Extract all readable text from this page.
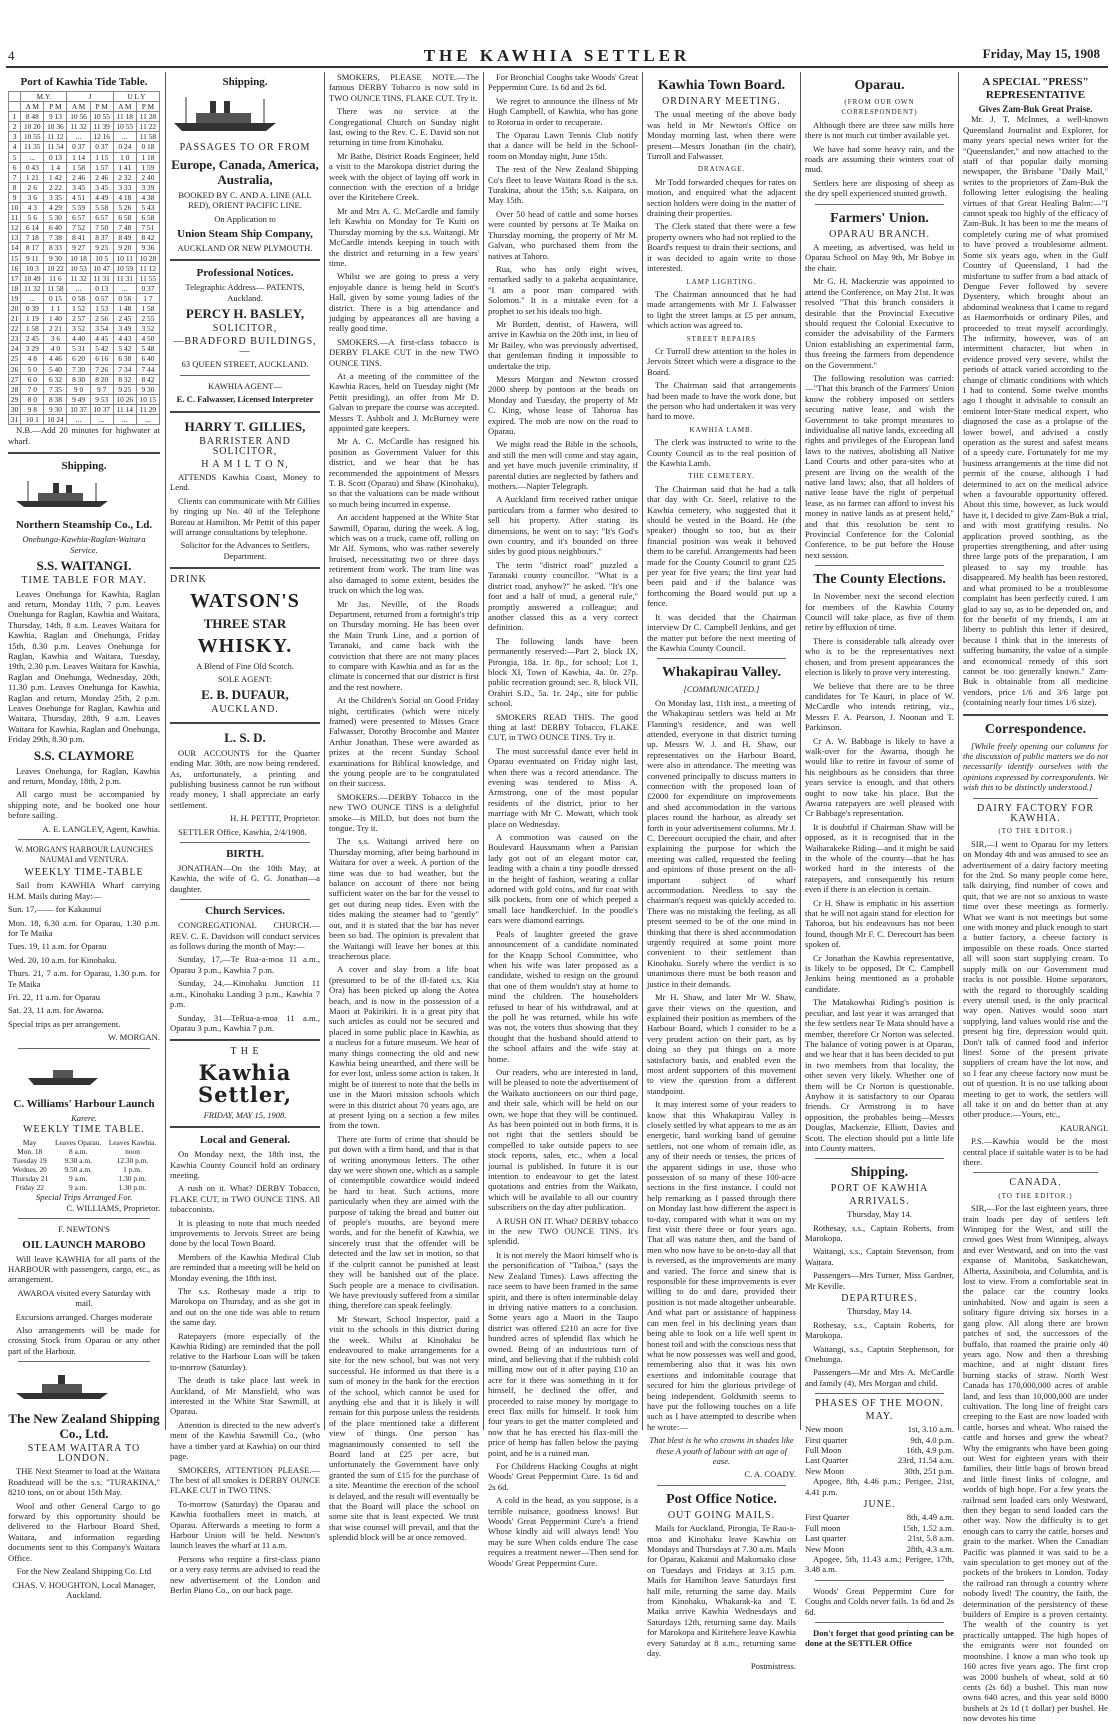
4	THE KAWHIA SETTLER	Friday, May 15, 1908
Port of Kawhia Tide Table.
	M.Y.		J		U L Y	
	A M	P M	A M	P M	A M	P M
1	8 48	9 13	10 56	10 55	11 18	11 28
2	10 20	10 36	11 32	11 39	10 55	11 22
3	10 55	11 12	...	12 16	...	11 58
4	11 35	11 54	0 37	0 37	0 24	0 18
5	...	0 13	1 14	1 15	1 0	1 18
6	0 43	1 4	1 58	1 57	1 41	1 59
7	1 21	1 42	2 46	2 46	2 32	2 40
8	2 6	2 22	3 45	3 45	3 33	3 39
9	3 6	3 35	4 51	4 49	4 18	4 38
10	4 3	4 29	5 59	5 58	5 26	5 43
11	5 6	5 30	6 57	6 57	6 58	6 58
12	6 14	6 40	7 52	7 50	7 48	7 51
13	7 18	7 38	8 41	8 37	8 49	8 42
14	8 17	8 33	9 27	9 25	9 20	9 36
15	9 11	9 30	10 18	10 5	10 11	10 28
16	10 3	10 22	10 53	10 47	10 59	11 12
17	10 49	11 6	11 32	11 31	11 31	11 55
18	11 32	11 58	...	0 13	...	0 37
19	...	0 15	0 58	0 57	0 56	1 7
20	0 39	1 1	1 52	1 53	1 48	1 58
21	1 19	1 40	2 57	2 56	2 45	2 55
22	1 58	2 21	3 52	3 54	3 49	3 52
23	2 45	3 6	4 40	4 45	4 43	4 50
24	3 29	4 0	5 31	5 42	5 42	5 48
25	4 8	4 46	6 20	6 16	6 38	6 40
26	5 0	5 40	7 30	7 26	7 34	7 44
27	6 0	6 32	8 30	8 20	8 32	8 42
28	7 0	7 35	9 0	9 7	9 25	9 30
29	8 0	8 38	9 49	9 53	10 26	10 15
30	9 8	9 30	10 37	10 37	11 14	11 29
31	10 1	10 24	...	...	...	...

N.B.—Add 20 minutes for highwater at wharf.

Shipping.
Northern Steamship Co., Ld.
Onehunga-Kawhia-Raglan-Waitara Service.
S.S. WAITANGI.
TIME TABLE FOR MAY.

Leaves Onehunga for Kawhia, Raglan and return, Monday 11th, 7 p.m. Leaves Onehunga for Raglan, Kawhia and Waitara, Thursday, 14th, 8 a.m. Leaves Waitara for Kawhia, Raglan and Onehunga, Friday 15th, 8.30 p.m. Leaves Onehunga for Raglan, Kawhia and Waitara, Tuesday, 19th, 2.30 p.m. Leaves Waitara for Kawhia, Raglan and Onehunga, Wednesday, 20th, 11.30 p.m. Leaves Onehunga for Kawhia, Raglan and return, Monday 25th, 2 p.m. Leaves Onehunga for Raglan, Kawhia and Waitara, Thursday, 28th, 9 a.m. Leaves Waitara for Kawhia, Raglan and Onehunga, Friday 29th, 8.30 p.m.

S.S. CLAYMORE

Leaves Onehunga, for Raglan, Kawhia and return, Monday, 18th, 2 p.m.

All cargo must be accompanied by shipping note, and be booked one hour before sailing.

A. E. LANGLEY, Agent, Kawhia.

W. MORGAN'S HARBOUR LAUNCHES NAUMAI and VENTURA.
WEEKLY TIME-TABLE

Sail from KAWHIA Wharf carrying H.M. Mails during May:—

Sun. 17,—— for Kakaunui

Mon. 18, 6.30 a.m. for Oparau, 1.30 p.m. for Te Maika

Tues. 19, 11 a.m. for Oparau

Wed. 20, 10 a.m. for Kinohaku.

Thurs. 21, 7 a.m. for Oparau, 1.30 p.m. for Te Maika

Fri. 22, 11 a.m. for Oparau

Sat. 23, 11 a.m. for Awaroa.

Special trips as per arrangement.

W. MORGAN.

C. Williams' Harbour Launch
Karere.
WEEKLY TIME TABLE.
May	Leaves Oparau.	Leaves Kawhia.
Mon. 18	8 a.m.	noon
Tuesday 19	9.30 a.m.	12.30 p.m.
Wednes. 20	9.50 a.m.	1 p.m.
Thursday 21	9 a.m.	1.30 p.m.
Friday 22	9 a.m.	1.30 p.m.
Special Trips Arranged For.

C. WILLIAMS, Proprietor.

F. NEWTON'S
OIL LAUNCH MAROBO

Will leave KAWHIA for all parts of the HARBOUR with passengers, cargo, etc., as arrangement.

AWAROA visited every Saturday with mail.

Excursions arranged. Charges moderate

Also arrangements will be made for crossing Stock from Oparau or any other part of the Harbour.

The New Zealand Shipping Co., Ltd.
STEAM WAITARA TO LONDON.

THE Next Steamer to load at the Waitara Roadstead will be the s.s. "TURAKINA," 8210 tons, on or about 15th May.

Wool and other General Cargo to go forward by this opportunity should be delivered to the Harbour Board Shed, Waitara, and information regarding documents sent to this Company's Waitara Office.

For the New Zealand Shipping Co. Ltd

CHAS. V. HOUGHTON, Local Manager, Auckland.

Shipping.
PASSAGES TO OR FROM
Europe, Canada, America, Australia,

BOOKED BY C. AND A. LINE (ALL RED), ORIENT PACIFIC LINE.

On Application to

Union Steam Ship Company,

AUCKLAND OR NEW PLYMOUTH.

Professional Notices.

Telegraphic Address— PATENTS, Auckland.

PERCY H. BASLEY,
SOLICITOR,
—BRADFORD BUILDINGS,—

63 QUEEN STREET, AUCKLAND.

KAWHIA AGENT—

E. C. Falwasser, Licensed Interpreter

HARRY T. GILLIES,
BARRISTER AND SOLICITOR,
H A M I L T O N,

ATTENDS Kawhia Coast, Money to Lend.

Clients can communicate with Mr Gillies by ringing up No. 40 of the Telephone Bureau at Hamilton. Mr Pettit of this paper will arrange consultations by telephone.

Solicitor for the Advances to Settlers, Department.

DRINK
WATSON'S
THREE STAR
WHISKY.

A Blend of Fine Old Scotch.

SOLE AGENT:

E. B. DUFAUR,
AUCKLAND.
L. S. D.

OUR ACCOUNTS for the Quarter ending Mar. 30th, are now being rendered. As, unfortunately, a printing and publishing business cannot be run without ready money, I shall appreciate an early settlement.

H. H. PETTIT, Proprietor.

SETTLER Office, Kawhia, 2/4/1908.

BIRTH.

JONATHAN—On the 10th May, at Kawhia, the wife of G. G. Jonathan—a daughter.

Church Services.

CONGREGATIONAL CHURCH.—REV. C. E. Davidson will conduct services as follows during the month of May:—

Sunday, 17,—Te Rua-a-moa 11 a.m., Oparau 3 p.m., Kawhia 7 p.m.

Sunday, 24,—Kinohaku Junction 11 a.m., Kinohaku Landing 3 p.m., Kawhia 7 p.m.

Sunday, 31—TeRua-a-moa 11 a.m., Oparau 3 p.m., Kawhia 7 p.m.

T H E
Kawhia Settler,
FRIDAY, MAY 15, 1908.
Local and General.

On Monday next, the 18th inst, the Kawhia County Council hold an ordinary meeting.

A rush on it. What? DERBY Tobacco, FLAKE CUT, in TWO OUNCE TINS. All tobacconists.

It is pleasing to note that much needed improvements to Jervois Street are being done by the local Town Board.

Members of the Kawhia Medical Club are reminded that a meeting will be held on Monday evening, the 18th inst.

The s.s. Rothesay made a trip to Marokopa on Thursday, and as she got in and out on the one tide was able to return the same day.

Ratepayers (more especially of the Kawhia Riding) are reminded that the poll relative to the Harbour Loan will be taken to-morrow (Saturday).

The death is take place last week in Auckland, of Mr Mansfield, who was interested in the White Star Sawmill, at Oparau.

Attention is directed to the new advert's ment of the Kawhia Sawmill Co., (who have a timber yard at Kawhia) on our third page.

SMOKERS, ATTENTION PLEASE.—The best of all smokes is DERBY OUNCE FLAKE CUT in TWO TINS.

To-morrow (Saturday) the Oparau and Kawhia footballers meet in match, at Oparau. Afterwards a meeting to form a Harbour Union will be held. Newton's launch leaves the wharf at 11 a.m.

Persons who require a first-class piano or a very easy terms are advised to read the new advertisement of the London and Berlin Piano Co., on our back page.

SMOKERS, PLEASE NOTE.—The famous DERBY Tobacco is now sold in TWO OUNCE TINS, FLAKE CUT. Try it.

There was no service at the Congregational Church on Sunday night last, owing to the Rev. C. E. David son not returning in time from Kinohaku.

Mr Bathe, District Roads Engineer, held a visit to the Marokopa district during the week with the object of laying off work in connection with the erection of a bridge over the Kiritehere Creek.

Mr and Mrs A. C. McCardle and family left Kawhia on Monday for Te Kuiti on Thursday morning by the s.s. Waitangi. Mr McCardle intends keeping in touch with the district and returning in a few years' time.

Whilst we are going to press a very enjoyable dance is being held in Scott's Hall, given by some young ladies of the district. There is a big attendance and judging by appearances all are having a really good time.

SMOKERS.—A first-class tobacco is DERBY FLAKE CUT in the new TWO OUNCE TINS.

At a meeting of the committee of the Kawhia Races, held on Tuesday night (Mr Pettit presiding), an offer from Mr D. Galvan to prepare the course was accepted. Messrs T. Ashbolt and J. McBurney were appointed gate keepers.

Mr A. C. McCardle has resigned his position as Government Valuer for this district, and we hear that he has recommended the appointment of Messrs T. B. Scott (Oparau) and Shaw (Kinohaku), so that the valuations can be made without so much being incurred in expense.

An accident happened at the White Star Sawmill, Oparau, during the week. A log, which was on a truck, came off, rolling on Mr Alf. Symons, who was rather severely bruised, necessitating two or three days retirement from work. The tram line was also damaged to some extent, besides the truck on which the log was.

Mr Jas. Neville, of the Roads Department, returned from a fortnight's trip on Thursday morning. He has been over the Main Trunk Line, and a portion of Taranaki, and came back with the conviction that there are not many places to compare with Kawhia and as far as the climate is concerned that our district is first and the rest nowhere.

At the Children's Social on Good Friday night, certificates (which were nicely framed) were presented to Misses Grace Falwasser, Dorothy Brocombe and Master Arthur Jonathan. These were awarded as prizes at the recent Sunday School examinations for Biblical knowledge, and the young people are to be congratulated on their success.

SMOKERS.—DERBY Tobacco in the new TWO OUNCE TINS is a delightful smoke—is MILD, but does not burn the tongue. Try it.

The s.s. Waitangi arrived here on Thursday morning, after being barbound in Waitara for over a week. A portion of the time was due to bad weather, but the balance on account of there not being sufficient water on the bar for the vessel to get out during neap tides. Even with the tides making the steamer had to "gently" out, and it is stated that the bar has never been so bad. The opinion is prevalent that the Waitangi will leave her bones at this treacherous place.

A cover and slay from a life boat (presumed to be of the ill-fated s.s. Kia Ora) has been picked up along the Aotea beach, and is now in the possession of a Maori at Pakirikiri. It is a great pity that such articles as could not be secured and placed in some public place in Kawhia, as a nucleus for a future museum. We hear of many things connecting the old and new Kawhia being unearthed, and there will be for ever lost, unless some action is taken. It might be of interest to note that the bells in use in the Maori mission schools which were in this district about 70 years ago, are at present lying on a section a few miles from the town.

There are form of crime that should be put down with a firm hand, and that is that of writing anonymous letters. The other day we were shown one, which as a sample of contemptible cowardice would indeed be hard to beat. Such actions, more particularly when they are aimed with the purpose of taking the bread and butter out of people's mouths, are beyond mere words, and for the benefit of Kawhia, we sincerely trust that the offender will be detected and the law set in motion, so that if the culprit cannot be punished at least they will be banished out of the place. Such people are a menace to civilisation. We have previously suffered from a similar thing, therefore can speak feelingly.

Mr Stewart, School Inspector, paid a visit to the schools in this district during the week. Whilst at Kinohaku he endeavoured to make arrangements for a site for the new school, but was not very successful. He informed us that there is a sum of money in the bank for the erection of the school, which cannot be used for anything else and that it is likely it will remain for this purpose unless the residents of the place mentioned take a different view of things. One person has magnanimously consented to sell the Board land at £25 per acre, but unfortunately the Government have only granted the sum of £15 for the purchase of a site. Meantime the erection of the school is delayed, and the result will eventually be that the Board will place the school on some site that is least expected. We trust that wise counsel will prevail, and that the splendid block will be at once removed.

For Bronchial Coughs take Woods' Great Peppermint Cure. 1s 6d and 2s 6d.

We regret to announce the illness of Mr Hugh Campbell, of Kawhia, who has gone to Rotorua in order to recuperate.

The Oparau Lawn Tennis Club notify that a dance will be held in the School-room on Monday night, June 15th.

The rest of the New Zealand Shipping Co's fleet to leave Waitara Road is the s.s. Turakina, about the 15th; s.s. Kaipara, on May 15th.

Over 50 head of cattle and some horses were counted by persons at Te Maika on Thursday morning, the property of Mr M. Galvan, who purchased them from the natives at Tahoro.

Rua, who has only eight wives, remarked sadly to a pakeha acquaintance, "I am a poor man compared with Solomon." It is a mistake even for a prophet to set his ideals too high.

Mr Burdett, dentist, of Hawera, will arrive in Kawhia on the 20th inst, in lieu of Mr Bailey, who was previously advertised, that gentleman finding it impossible to undertake the trip.

Messrs Morgan and Newton crossed 2000 sheep by pontoon at the beads on Monday and Tuesday, the property of Mr C. King, whose lease of Tahoroa has expired. The mob are now on the road to Oparau.

We might read the Bible in the schools, and still the men will come and stay again, and yet have much juvenile criminality, if parental duties are neglected by fathers and mothers.—Napier Telegraph.

A Auckland firm received rather unique particulars from a farmer who desired to sell his property. After stating its dimensions, he went on to say: "It's God's own country, and it's bounded on three sides by good pious neighbours."

The term "district road" puzzled a Taranaki county councillor. "What is a district road, anyhow?" he asked. "It's one foot and a half of mud, a general rule," promptly answered a colleague; and another classed this as a very correct definition.

The following lands have been permanently reserved:—Part 2, block IX, Pirongia, 18a. 1r. 8p., for school; Lot 1, block XI, Town of Kawhia, 4a. 0r. 27p. public recreation ground; sec. 8, block VII, Orahiri S.D., 5a. 1r. 24p., site for public school.

SMOKERS READ THIS. The good thing at last! DERBY Tobacco, FLAKE CUT, in TWO OUNCE TINS. Try it.

The most successful dance ever held in Oparau eventuated on Friday night last, when there was a record attendance. The evening was tendered to Miss A. Armstrong, one of the most popular residents of the district, prior to her marriage with Mr C. Mowatt, which took place on Wednesday.

A commotion was caused on the Boulevard Haussmann when a Parisian lady got out of an elegant motor car, leading with a chain a tiny poodle dressed in the height of fashion, wearing a collar adorned with gold coins, and fur coat with silk pockets, from one of which peeped a small lace handkerchief. In the poodle's ears were diamond earrings.

Peals of laughter greeted the grave announcement of a candidate nominated for the Knapp School Committee, who when his wife was later proposed as a candidate, wished to resign on the ground that one of them wouldn't stay at home to mind the children. The householders refused to hear of his withdrawal, and at the poll he was returned, while his wife was not, the voters thus showing that they thought that the husband should attend to the school affairs and the wife stay at home.

Our readers, who are interested in land, will be pleased to note the advertisement of the Waikato auctioneers on our third page, and their sale, which will be held on our own, we hope that they will be continued. As has been pointed out in both firms, it is not right that the settlers should be compelled to take outside papers to see stock reports, sales, etc., when a local journal is published. In future it is our intention to endeavour to get the latest quotations and entries from the Waikato, which will be available to all our country subscribers on the day after publication.

A RUSH ON IT. What? DERBY tobacco in the new TWO OUNCE TINS. It's splendid.

It is not merely the Maori himself who is the personification of "Taihoa," (says the New Zealand Times). Laws affecting the race seem to have been framed in the same spirit, and there is often interminable delay in driving native matters to a conclusion. Some years ago a Maori in the Taupo district was offered £210 an acre for five hundred acres of splendid flax which he owned. Being of an industrious turn of mind, and believing that if the rubbish cold milling mow out of it after paying £10 an acre for it there was something in it for himself, he declined the offer, and proceeded to raise money by mortgage to erect flax mills for himself. It took him four years to get the matter completed and now that he has erected his flax-mill the price of hemp has fallen below the paying point, and he is a ruined man.

For Childrens Hacking Coughs at night Woods' Great Peppermint Cure. 1s 6d and 2s 6d.

A cold in the head, as you suppose, is a terrible nuisance, goodness knows! But Woods' Great Peppermint Cure's a friend Whose kindly aid will always lend! You may be sure When colds endure The case requires a treatment newer—Then send for Woods' Great Peppermint Cure.

Kawhia Town Board.
ORDINARY MEETING.

The usual meeting of the above body was held in Mr Newton's Office on Monday morning last, when there were present—Messrs Jonathan (in the chair), Turroll and Falwasser.

DRAINAGE.

Mr Todd forwarded cheques for rates on motion, and enquired what the adjacent section holders were doing in the matter of draining their properties.

The Clerk stated that there were a few property owners who had not replied to the Board's request to drain their sections, and it was decided to again write to those interested.

LAMP LIGHTING.

The Chairman announced that he had made arrangements with Mr J. Falwasser to light the street lamps at £5 per annum, which action was agreed to.

STREET REPAIRS

Cr Turroll drew attention to the holes in Jervois Street which were a disgrace to the Board.

The Chairman said that arrangements had been made to have the work done, but the person who had undertaken it was very hard to move.

KAWHIA LAMB.

The clerk was instructed to write to the County Council as to the real position of the Kawhia Lamb.

THE CEMETERY.

The Chairman said that he had a talk that day with Cr. Steel, relative to the Kawhia cemetery, who suggested that it should be vested in the Board. He (the speaker) thought so too, but as their financial position was weak it behoved them to be careful. Arrangements had been made for the County Council to grant £25 per year for five years; the first year had been paid and if the balance was forthcoming the Board would put up a fence.

It was decided that the Chairman interview Dr C. Campbell Jenkins, and get the matter put before the next meeting of the Kawhia County Council.

Whakapirau Valley.
[COMMUNICATED.]

On Monday last, 11th inst., a meeting of the Whakapirau settlers was held at Mr Flanning's residence, and was well attended, everyone in that district turning up. Messrs W. J. and H. Shaw, our representatives on the Harbour Board, were also in attendance. The meeting was convened principally to discuss matters in connection with the proposed loan of £2000 for expenditure on improvements and shed accommodation in the various places round the harbour, as already set forth in your advertisement columns. Mr J. C. Derecourt occupied the chair, and after explaining the purpose for which the meeting was called, requested the feeling and opinions of those present on the all-important subject of wharf accommodation. Needless to say the chairman's request was quickly acceded to. There was no mistaking the feeling, as all present seemed to be of the one mind in thinking that there is shed accommodation urgently required at some point more convenient to their settlement than Kinohaku. Surely where the verdict is so unanimous there must be both reason and justice in their demands.

Mr H. Shaw, and later Mr W. Shaw, gave their views on the question, and explained their position as members of the Harbour Board, which I consider to be a very prudent action on their part, as by doing so they put things on a more satisfactory basis, and enabled even the most ardent supporters of this movement to view the question from a different standpoint.

It may interest some of your readers to know that this Whakapirau Valley is closely settled by what appears to me as an energetic, hard working band of genuine settlers, not one whom of remain idle, as any of their needs or tenses, the prices of the apparent sidings in use, those who possession of so many of these 100-acre sections in the first instance. I could not help remarking as I passed through there on Monday last how different the aspect is to-day, compared with what it was on my first visit there three or four years ago. That all was nature then, and the band of men who now have to be on-to-day all that is reversed, as the improvements are many and varied. The force and sinew that is responsible for these improvements is ever willing to do and dare, provided their position is not made altogether unbearable. And what part or assistance of happiness can men feel in his declining years than being able to look on a life well spent in honest toil and with the conscious ness that what he now possesses was well and good, remembering also that it was his own exertions and indomitable courage that secured for him the glorious privilege of being independent. Goldsmith seems to have put the following touches on a life such as I have attempted to describe when he wrote:—

That blest is he who crowns in shades like these A youth of labour with an age of ease.

C. A. COADY.

Post Office Notice.
OUT GOING MAILS.

Mails for Auckland, Pirongia, Te Rau-a-moa and Kinohaku leave Kawhia on Mondays and Thursdays at 7.30 a.m. Mails for Oparau, Kakanui and Makomako close on Tuesdays and Fridays at 3.15 p.m. Mails for Hamilton leave Saturdays first half mile, returning the same day. Mails from Kinohaku, Whakarak-ka and T. Maika arrive Kawhia Wednesdays and Saturdays 12th, returning same day. Mails for Marokopa and Kiritehere leave Kawhia every Saturday at 8 a.m., returning same day.

Postmistress.

Oparau.
(FROM OUR OWN CORRESPONDENT)

Although there are three saw mills here there is not much cut timber available yet.

We have had some heavy rain, and the roads are assuming their winters coat of mud.

Settlers here are disposing of sheep as the dry spell experienced stunted growth.

Farmers' Union.
OPARAU BRANCH.

A meeting, as advertised, was held in Oparau School on May 9th, Mr Bobye in the chair.

Mr G. H. Mackenzie was appointed to attend the Conference, on May 21st. It was resolved "That this branch considers it desirable that the Provincial Executive should request the Colonial Executive to consider the advisability of the Farmers Union establishing an experimental farm, thus freeing the farmers from dependence on the Government."

The following resolution was carried: —"That this branch of the Farmers' Union know the robbery imposed on settlers securing native lease, and wish the Government to take prompt measures to individualise all native lands, exceeding all rights and privileges of the European land laws to the natives, abolishing all Native Land Courts and other para-sites who at present are living on the wealth of the native land laws; also, that all holders of native lease have the right of perpetual lease, as no farmer can afford to invest his money in native lands as at present held," and that this resolution be sent to Provincial Conference for the Colonial Conference, to be put before the House next session.

The County Elections.

In November next the second election for members of the Kawhia County Council will take place, as five of them retire by effluxion of time.

There is considerable talk already over who is to be the representatives next chosen, and from present appearances the election is likely to prove very interesting.

We believe that there are to be three candidates for Te Kauri, in place of W. McCardle who intends retiring, viz., Messrs F. A. Pearson, J. Noonan and T. Parkinson.

Cr A. W. Babbage is likely to have a walk-over for the Awaroa, though he would like to retire in favour of some of his neighbours as he considers that three years service is enough, and that others ought to now take his place. But the Awaroa ratepayers are well pleased with Cr Babbage's representation.

It is doubtful if Chairman Shaw will be opposed, as it is recognised that in the Waiharakeke Riding—and it might be said in the whole of the county—that he has worked hard in the interests of the ratepayers, and consequently his return even if there is an election is certain.

Cr H. Shaw is emphatic in his assertion that he will not again stand for election for Tahoroa, but his endeavours has not been found, though Mr F. C. Derecourt has been spoken of.

Cr Jonathan the Kawhia representative, is likely to be opposed, Dr C. Campbell Jenkins being mentioned as a probable candidate.

The Matakowhai Riding's position is peculiar, and last year it was arranged that the few settlers near Te Mata should have a member, therefore Cr Norton was selected. The balance of voting power is at Oparau, and we hear that it has been decided to put in two members from that locality, the other seven very likely. Whether one of them will be Cr Norton is questionable. Anyhow it is satisfactory to our Oparau friends. Cr Armstrong is to have opposition, the probables being—Messrs Douglas, Mackenzie, Elliott, Davies and Scott. The election should put a little life into County matters.

Shipping.
PORT OF KAWHIA
ARRIVALS.

Thursday, May 14.

Rothesay, s.s., Captain Roberts, from Marokopa.

Waitangi, s.s., Captain Stevenson, from Waitara.

Passengers—Mrs Turner, Miss Gardner, Mr Keville.

DEPARTURES.

Thursday, May 14.

Rothesay, s.s., Captain Roberts, for Marokopa.

Waitangi, s.s., Captain Stephenson, for Onehunga.

Passengers—Mr and Mrs A. McCardle and family (4), Mrs Morgan and child.

PHASES OF THE MOON.
MAY.
New moon	1st, 3.10 a.m.
First quarter	9th, 4.0 p.m.
Full Moon	16th, 4.9 p.m.
Last Quarter	23rd, 11.54 a.m.
New Moon	30th, 251 p.m.

Apogee, 8th, 4.46 p.m.; Perigee, 21st, 4.41 p.m.

JUNE.
First Quarter	8th, 4.49 a.m.
Full moon	15th, 1.52 a.m.
Last quarter	21st, 5.8 a.m.
New Moon	28th, 4.3 a.m.

Apogee, 5th, 11.43 a.m.; Perigee, 17th, 3.48 a.m.

Woods' Great Peppermint Cure for Coughs and Colds never fails. 1s 6d and 2s 6d.

Don't forget that good printing can be done at the SETTLER Office

A SPECIAL "PRESS" REPRESENTATIVE
Gives Zam-Buk Great Praise.

Mr. J. T. McInnes, a well-known Queensland Journalist and Explorer, for many years special news writer for the "Queenslander," and now attached to the staff of that popular daily morning newspaper, the Brisbane "Daily Mail," writes to the proprietors of Zam-Buk the following letter eulogising the healing virtues of that Great Healing Balm:—"I cannot speak too highly of the efficacy of Zam-Buk. It has been to me the means of completely curing me of what promised to have proved a troublesome ailment. Some six years ago, when in the Gulf Country of Queensland, I had the misfortune to suffer from a bad attack of Dengue Fever followed by severe Dysentery, which brought about an abdominal weakness that I came to regard as Haemorrhoids or ordinary Piles, and proceeded to treat myself accordingly. The infirmity, however, was of an intermittent character, but when in evidence proved very severe, whilst the periods of attack varied according to the change of climatic conditions with which I had to contend. Some twelve months ago I thought it advisable to consult an eminent Inter-State medical expert, who diagnosed the case as a prolapse of the lower bowel, and advised a costly operation as the surest and safest means of a speedy cure. Fortunately for me my business arrangements at the time did not permit of the course, although I had determined to act on the medical advice when a favourable opportunity offered. About this time, however, as luck would have it, I decided to give Zam-Buk a trial, and with most gratifying results. No application proved soothing, as the properties strengthening, and after using three large pots of the preparation, I am pleased to say my trouble has disappeared. My health has been restored, and what promised to be a troublesome complaint has been perfectly cured. I am glad to say so, as to be depended on, and for the benefit of my friends, I am at liberty to publish this letter if desired, because I think that in the interests of suffering humanity, the value of a simple and economical remedy of this sort cannot be too generally known." Zam-Buk is obtainable from all medicine vendors, price 1/6 and 3/6 large pot (containing nearly four times 1/6 size).

Correspondence.

[While freely opening our columns for the discussion of public matters we do not necessarily identify ourselves with the opinions expressed by correspondents. We wish this to be distinctly understood.]

DAIRY FACTORY FOR KAWHIA.
(TO THE EDITOR.)

SIR,—I went to Oparau for my letters on Monday 4th and was amused to see an advertisement of a dairy factory meeting for the 2nd. So many people come here, talk dairying, find number of cows and quit, that we are not so anxious to waste time over these meetings as formerly. What we want is not meetings but some one with money and pluck enough to start a butter factory, a cheese factory is impossible on these roads. Once started all will soon start supplying cream. To supply milk on our Government mud tracks is not possible. Home separators, with the regard to thoroughly scalding every utensil used, is the only practical way open. Natives would soon start supplying, land values would rise and the present big fire, depression would quit. Don't talk of canned food and inferior lines! Some of the present private suppliers of cream have the lot now, and so I fear any cheese factory now must be out of question. It is no use talking about meeting to get to work, the settlers will all take it on and do better than at any other produce.—Yours, etc.,

KAURANGI.

P.S.—Kawhia would be the most central place if suitable water is to be had there.

CANADA.
(TO THE EDITOR.)

SIR,—For the last eighteen years, three train loads per day of settlers left Winnipeg for the West, and still the crowd goes West from Winnipeg, always and ever Westward, and on into the vast expanse of Manitoba, Saskatchewan, Alberta, Assiniboia, and Columbia, and is lost to view. From a comfortable seat in the palace car the country looks uninhabited. Now and again is seen a solitary figure driving six horses in a gang plow. All along there are brown patches of sod, the successors of the buffalo, that roamed the prairie only 40 years ago. Now and then a threshing machine, and at night distant fires burning stacks of straw. North West Canada has 170,000,000 acres of arable land, and less than 10,000,000 are under cultivation. The long line of freight cars creeping to the East are now loaded with cattle, horses and wheat. Who raised the cattle and horses and grew the wheat? Why the emigrants who have been going out West for eighteen years with their families, their little bags of brown bread and little finest links of cologne, and worlds of high hope. For a few years the railroad sent loaded cars only Westward, then they began to send loaded cars the other way. Now the difficulty is to get enough cars to carry the cattle, horses and grain to the market. When the Canadian Pacific was planned it was said to be a vain speculation to get money out of the pockets of the brokers in London. Today the railroad ran through a country where nobody lived! The country, the faith, the determination of the persistency of these builders of Empire is a proven certainty. The wealth of the country is yet practically untapped. The high hopes of the emigrants were not founded on moonshine. I know a man who took up 160 acres five years ago. The first crop was 2000 bushels of wheat, sold at 60 cents (2s 6d) a bushel. This man now owns 640 acres, and this year sold 8000 bushels at 2s 1d (1 dollar) per bushel. He now devotes his time
